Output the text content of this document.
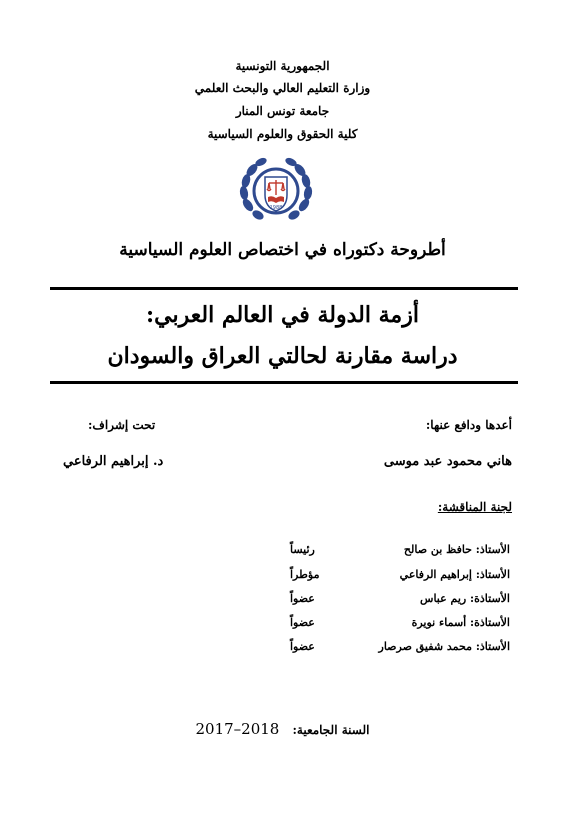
الجمهورية التونسية
وزارة التعليم العالي والبحث العلمي
جامعة تونس المنار
كلية الحقوق والعلوم السياسية
1988
أطروحة دكتوراه في اختصاص العلوم السياسية
أزمة الدولة في العالم العربي:
دراسة مقارنة لحالتي العراق والسودان
أعدها ودافع عنها:
هاني محمود عبد موسى
تحت إشراف:
د. إبراهيم الرفاعي
لجنة المناقشة:
الأستاذ: حافظ بن صالح
رئيساً
الأستاذ: إبراهيم الرفاعي
مؤطراً
الأستاذة: ريم عباس
عضواً
الأستاذة: أسماء نويرة
عضواً
الأستاذ: محمد شفيق صرصار
عضواً
السنة الجامعية: 2017–2018
